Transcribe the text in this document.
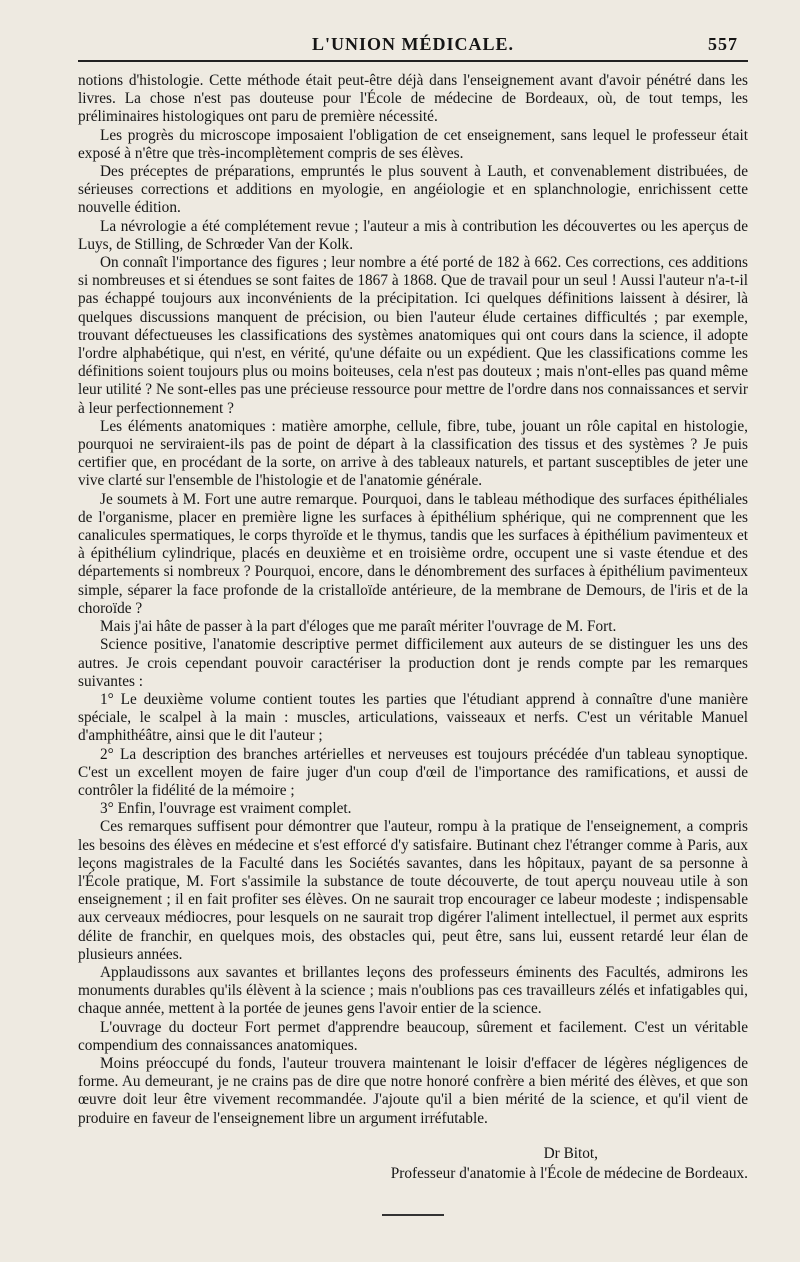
L'UNION MÉDICALE.	557

notions d'histologie. Cette méthode était peut-être déjà dans l'enseignement avant d'avoir pénétré dans les livres. La chose n'est pas douteuse pour l'École de médecine de Bordeaux, où, de tout temps, les préliminaires histologiques ont paru de première nécessité.

Les progrès du microscope imposaient l'obligation de cet enseignement, sans lequel le professeur était exposé à n'être que très-incomplètement compris de ses élèves.

Des préceptes de préparations, empruntés le plus souvent à Lauth, et convenablement distribuées, de sérieuses corrections et additions en myologie, en angéiologie et en splanchnologie, enrichissent cette nouvelle édition.

La névrologie a été complétement revue ; l'auteur a mis à contribution les découvertes ou les aperçus de Luys, de Stilling, de Schrœder Van der Kolk.

On connaît l'importance des figures ; leur nombre a été porté de 182 à 662. Ces corrections, ces additions si nombreuses et si étendues se sont faites de 1867 à 1868. Que de travail pour un seul ! Aussi l'auteur n'a-t-il pas échappé toujours aux inconvénients de la précipitation. Ici quelques définitions laissent à désirer, là quelques discussions manquent de précision, ou bien l'auteur élude certaines difficultés ; par exemple, trouvant défectueuses les classifications des systèmes anatomiques qui ont cours dans la science, il adopte l'ordre alphabétique, qui n'est, en vérité, qu'une défaite ou un expédient. Que les classifications comme les définitions soient toujours plus ou moins boiteuses, cela n'est pas douteux ; mais n'ont-elles pas quand même leur utilité ? Ne sont-elles pas une précieuse ressource pour mettre de l'ordre dans nos connaissances et servir à leur perfectionnement ?

Les éléments anatomiques : matière amorphe, cellule, fibre, tube, jouant un rôle capital en histologie, pourquoi ne serviraient-ils pas de point de départ à la classification des tissus et des systèmes ? Je puis certifier que, en procédant de la sorte, on arrive à des tableaux naturels, et partant susceptibles de jeter une vive clarté sur l'ensemble de l'histologie et de l'anatomie générale.

Je soumets à M. Fort une autre remarque. Pourquoi, dans le tableau méthodique des surfaces épithéliales de l'organisme, placer en première ligne les surfaces à épithélium sphérique, qui ne comprennent que les canalicules spermatiques, le corps thyroïde et le thymus, tandis que les surfaces à épithélium pavimenteux et à épithélium cylindrique, placés en deuxième et en troisième ordre, occupent une si vaste étendue et des départements si nombreux ? Pourquoi, encore, dans le dénombrement des surfaces à épithélium pavimenteux simple, séparer la face profonde de la cristalloïde antérieure, de la membrane de Demours, de l'iris et de la choroïde ?

Mais j'ai hâte de passer à la part d'éloges que me paraît mériter l'ouvrage de M. Fort.

Science positive, l'anatomie descriptive permet difficilement aux auteurs de se distinguer les uns des autres. Je crois cependant pouvoir caractériser la production dont je rends compte par les remarques suivantes :

1° Le deuxième volume contient toutes les parties que l'étudiant apprend à connaître d'une manière spéciale, le scalpel à la main : muscles, articulations, vaisseaux et nerfs. C'est un véritable Manuel d'amphithéâtre, ainsi que le dit l'auteur ;

2° La description des branches artérielles et nerveuses est toujours précédée d'un tableau synoptique. C'est un excellent moyen de faire juger d'un coup d'œil de l'importance des ramifications, et aussi de contrôler la fidélité de la mémoire ;

3° Enfin, l'ouvrage est vraiment complet.

Ces remarques suffisent pour démontrer que l'auteur, rompu à la pratique de l'enseignement, a compris les besoins des élèves en médecine et s'est efforcé d'y satisfaire. Butinant chez l'étranger comme à Paris, aux leçons magistrales de la Faculté dans les Sociétés savantes, dans les hôpitaux, payant de sa personne à l'École pratique, M. Fort s'assimile la substance de toute découverte, de tout aperçu nouveau utile à son enseignement ; il en fait profiter ses élèves. On ne saurait trop encourager ce labeur modeste ; indispensable aux cerveaux médiocres, pour lesquels on ne saurait trop digérer l'aliment intellectuel, il permet aux esprits délite de franchir, en quelques mois, des obstacles qui, peut être, sans lui, eussent retardé leur élan de plusieurs années.

Applaudissons aux savantes et brillantes leçons des professeurs éminents des Facultés, admirons les monuments durables qu'ils élèvent à la science ; mais n'oublions pas ces travailleurs zélés et infatigables qui, chaque année, mettent à la portée de jeunes gens l'avoir entier de la science.

L'ouvrage du docteur Fort permet d'apprendre beaucoup, sûrement et facilement. C'est un véritable compendium des connaissances anatomiques.

Moins préoccupé du fonds, l'auteur trouvera maintenant le loisir d'effacer de légères négligences de forme. Au demeurant, je ne crains pas de dire que notre honoré confrère a bien mérité des élèves, et que son œuvre doit leur être vivement recommandée. J'ajoute qu'il a bien mérité de la science, et qu'il vient de produire en faveur de l'enseignement libre un argument irréfutable.

Dr Bitot,
Professeur d'anatomie à l'École de médecine de Bordeaux.
